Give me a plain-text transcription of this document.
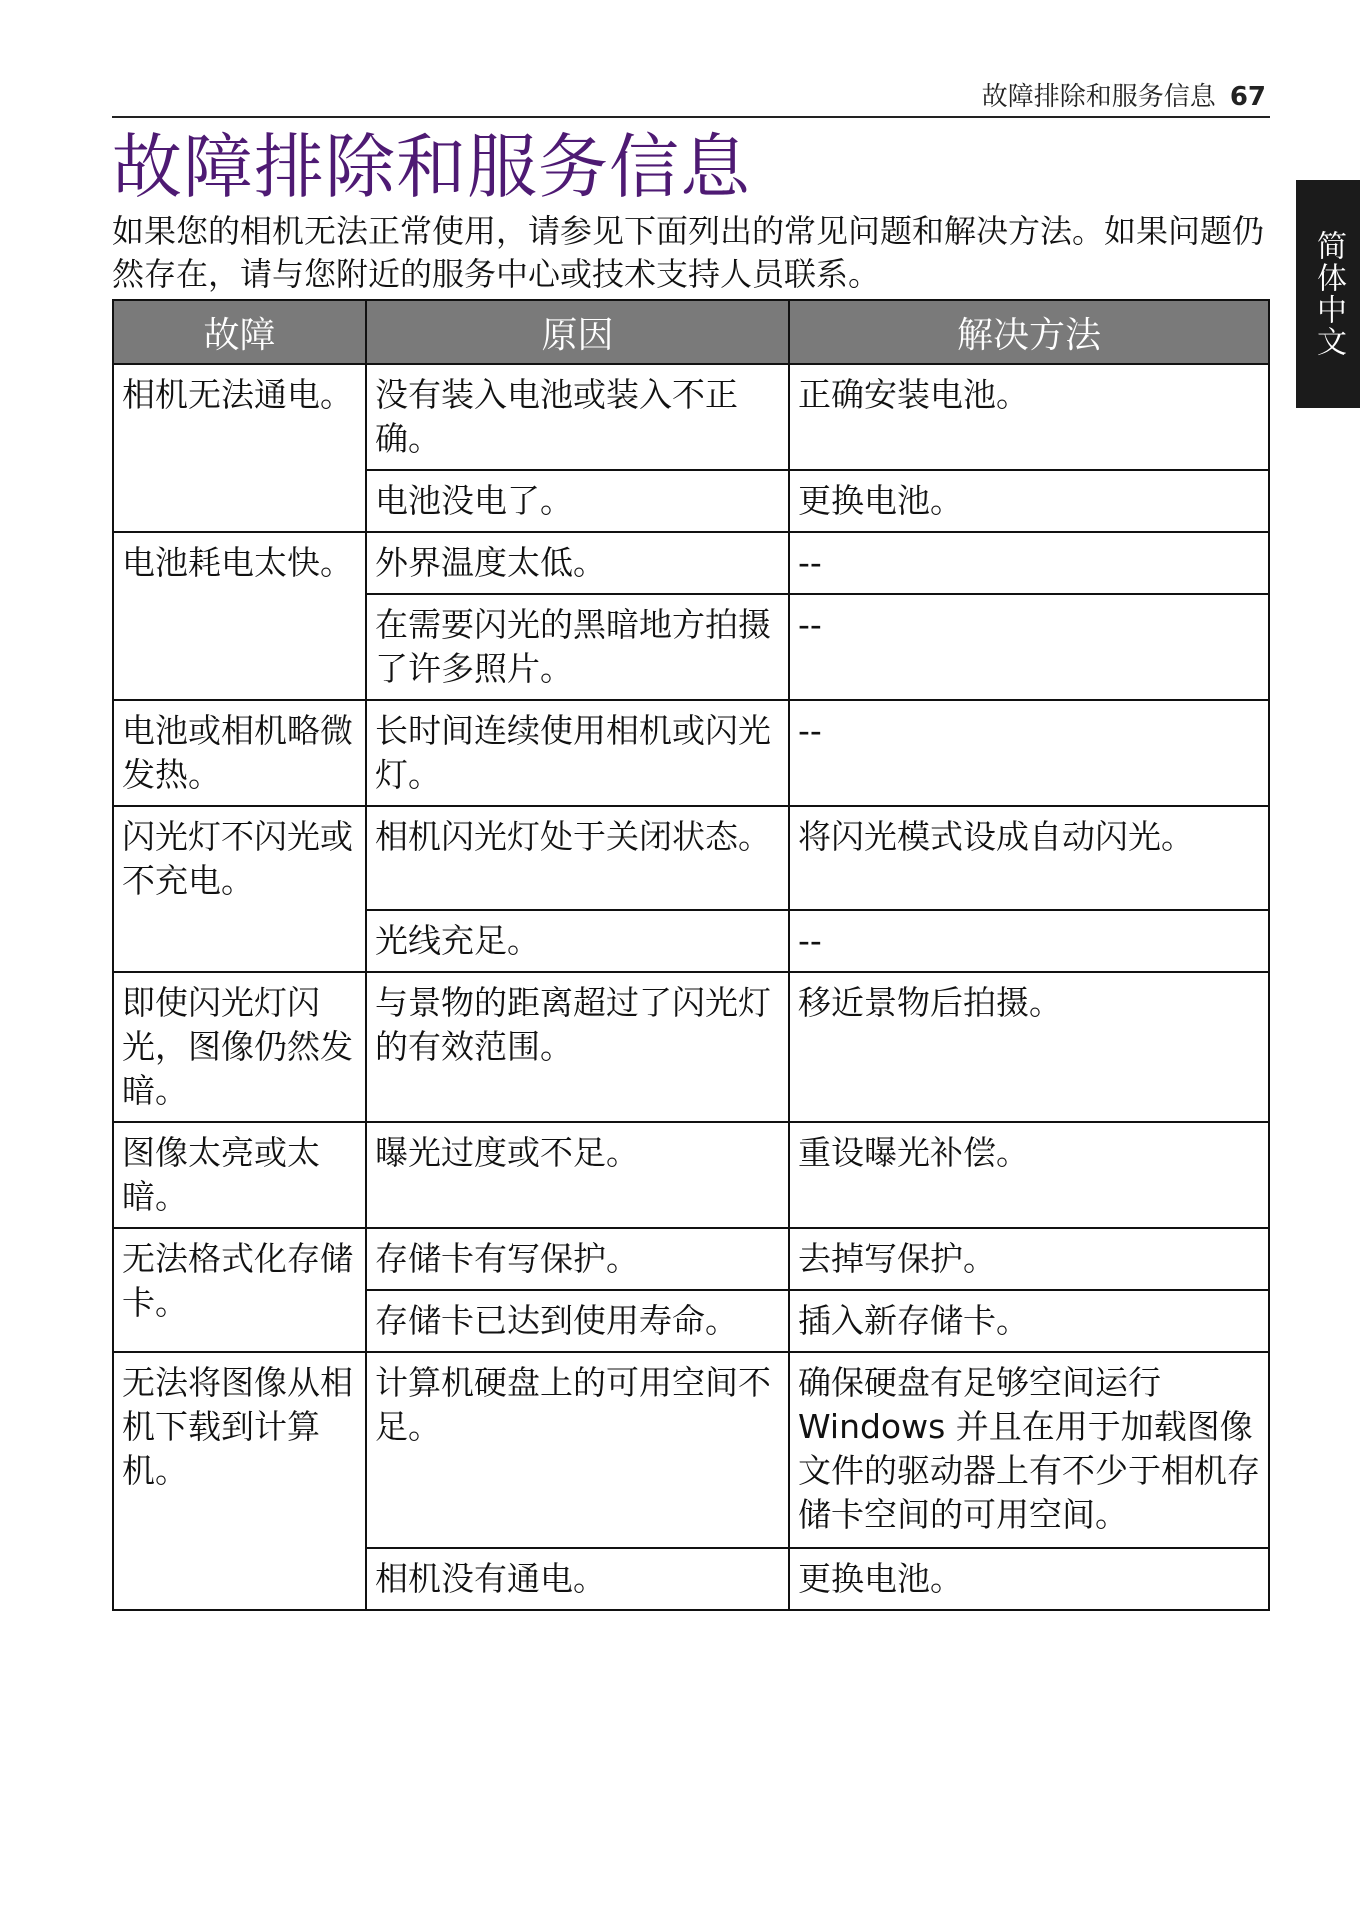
故障排除和服务信息 67
简体中文
故障排除和服务信息
如果您的相机无法正常使用，请参见下面列出的常见问题和解决方法。如果问题仍然存在，请与您附近的服务中心或技术支持人员联系。
故障	原因	解决方法
相机无法通电。	没有装入电池或装入不正确。	正确安装电池。
	电池没电了。	更换电池。
电池耗电太快。	外界温度太低。	--
	在需要闪光的黑暗地方拍摄了许多照片。	--
电池或相机略微发热。	长时间连续使用相机或闪光灯。	--
闪光灯不闪光或不充电。	相机闪光灯处于关闭状态。	将闪光模式设成自动闪光。
	光线充足。	--
即使闪光灯闪光，图像仍然发暗。	与景物的距离超过了闪光灯的有效范围。	移近景物后拍摄。
图像太亮或太暗。	曝光过度或不足。	重设曝光补偿。
无法格式化存储卡。	存储卡有写保护。	去掉写保护。
	存储卡已达到使用寿命。	插入新存储卡。
无法将图像从相机下载到计算机。	计算机硬盘上的可用空间不足。	确保硬盘有足够空间运行 Windows 并且在用于加载图像文件的驱动器上有不少于相机存储卡空间的可用空间。
	相机没有通电。	更换电池。
